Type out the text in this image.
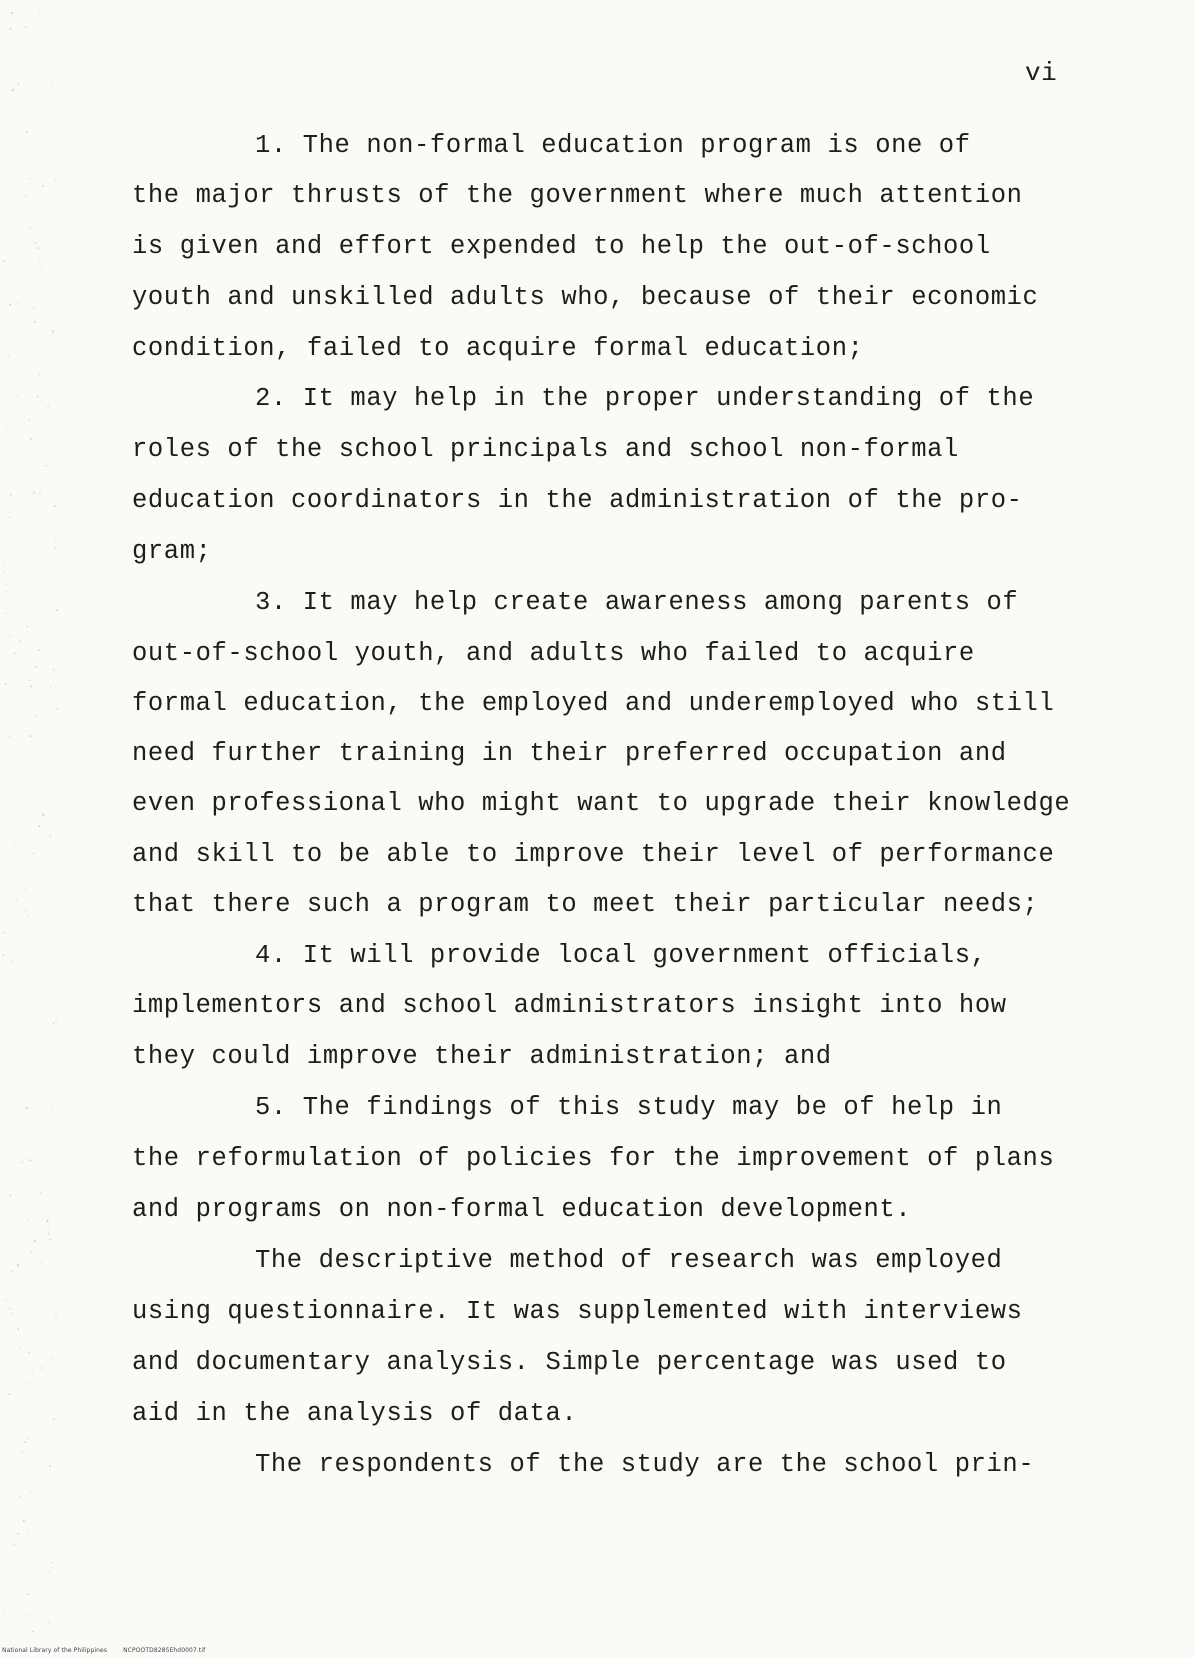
vi
1. The non-formal education program is one of
the major thrusts of the government where much attention
is given and effort expended to help the out-of-school
youth and unskilled adults who, because of their economic
condition, failed to acquire formal education;
2. It may help in the proper understanding of the
roles of the school principals and school non-formal
education coordinators in the administration of the pro-
gram;
3. It may help create awareness among parents of
out-of-school youth, and adults who failed to acquire
formal education, the employed and underemployed who still
need further training in their preferred occupation and
even professional who might want to upgrade their knowledge
and skill to be able to improve their level of performance
that there such a program to meet their particular needs;
4. It will provide local government officials,
implementors and school administrators insight into how
they could improve their administration; and
5. The findings of this study may be of help in
the reformulation of policies for the improvement of plans
and programs on non-formal education development.
The descriptive method of research was employed
using questionnaire. It was supplemented with interviews
and documentary analysis. Simple percentage was used to
aid in the analysis of data.
The respondents of the study are the school prin-
National Library of the Philippines	NCPOOTD8285Ehd0007.tif
